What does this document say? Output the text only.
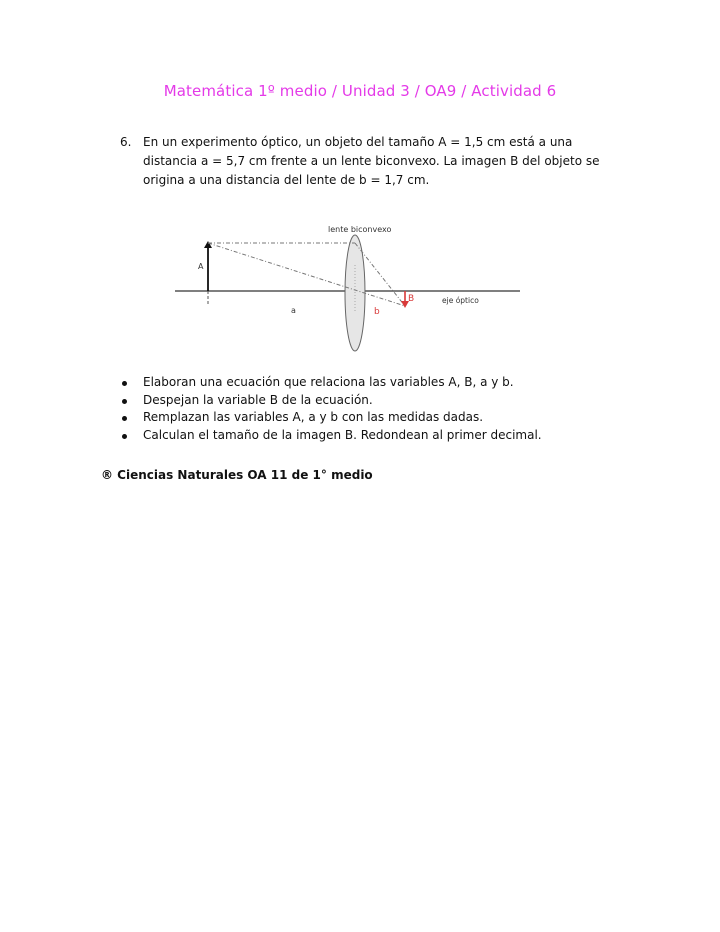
Matemática 1º medio / Unidad 3 / OA9 / Actividad 6
6. En un experimento óptico, un objeto del tamaño A = 1,5 cm está a una distancia a = 5,7 cm frente a un lente biconvexo. La imagen B del objeto se origina a una distancia del lente de b = 1,7 cm.
lente biconvexo
eje óptico
A
a
B
b
Elaboran una ecuación que relaciona las variables A, B, a y b.
Despejan la variable B de la ecuación.
Remplazan las variables A, a y b con las medidas dadas.
Calculan el tamaño de la imagen B. Redondean al primer decimal.
® Ciencias Naturales OA 11 de 1° medio
